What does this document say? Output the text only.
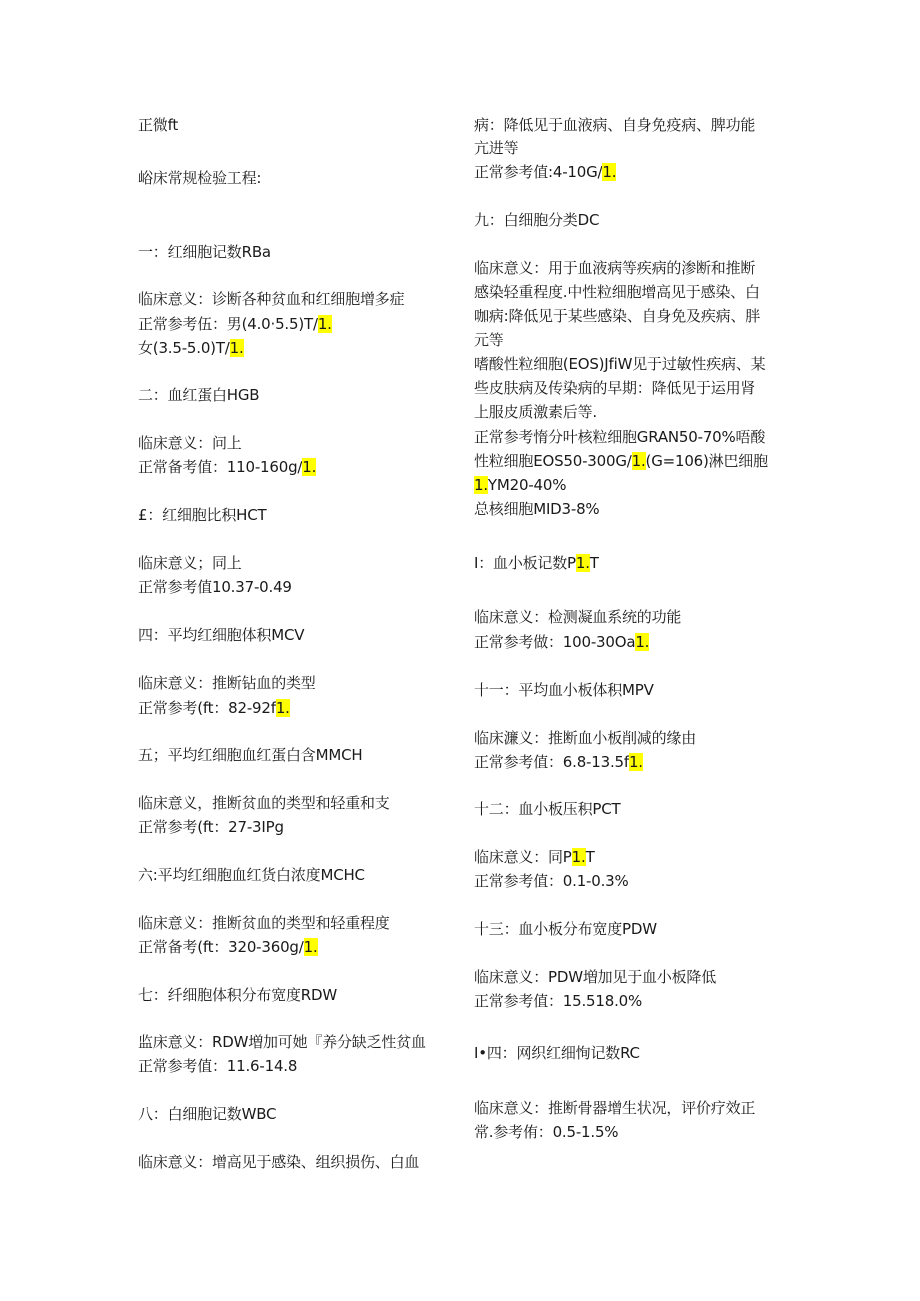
正微ft
峪床常规检验工程:
一：红细胞记数RBa
临床意义：诊断各种贫血和红细胞增多症
正常参考伍：男(4.0·5.5)T/1.
女(3.5-5.0)T/1.
二：血红蛋白HGB
临床意义：问上
正常备考值：110-160g∕1.
£：红细胞比积HCT
临床意义；同上
正常参考值10.37-0.49
四：平均红细胞体积MCV
临床意义：推断钻血的类型
正常参考(ft：82-92f1.
五；平均红细胞血红蛋白含MMCH
临床意义，推断贫血的类型和轻重和支
正常参考(ft：27-3IPg
六:平均红细胞血红货白浓度MCHC
临床意义：推断贫血的类型和轻重程度
正常备考(ft：320-360g∕1.
七：纤细胞体积分布宽度RDW
监床意义：RDW増加可她『养分缺乏性贫血
正常参考值：11.6-14.8
八：白细胞记数WBC
临床意义：增高见于感染、组织损伤、白血
病：降低见于血液病、自身免疫病、脾功能
亢进等
正常参考值:4-10G/1.
九：白细胞分类DC
临床意义：用于血液病等疾病的渗断和推断
感染轻重程度.中性粒细胞增高见于感染、白
咖病:降低见于某些感染、自身免及疾病、胖
元等
嗜酸性粒细胞(EOS)JfiW见于过敏性疾病、某
些皮肤病及传染病的早期：降低见于运用肾
上服皮质激素后等.
正常参考惰分叶核粒细胞GRAN50-70%唔酸
性粒细胞EOS50-300G∕1.(G=106)淋巴细胞
1.YM20-40%
总核细胞MID3-8%
I：血小板记数P1.T
临床意义：检测凝血系统的功能
正常参考做：100-30Oa1.
十一：平均血小板体积MPV
临床濂义：推断血小板削减的缘由
正常参考值：6.8-13.5f1.
十二：血小板压积PCT
临床意义：同P1.T
正常参考值：0.1-0.3%
十三：血小板分布宽度PDW
临床意义：PDW増加见于血小板降低
正常参考值：15.518.0%
I•四：网织红细恂记数RC
临床意义：推断骨器增生状况，评价疗效正
常.参考侑：0.5-1.5%
